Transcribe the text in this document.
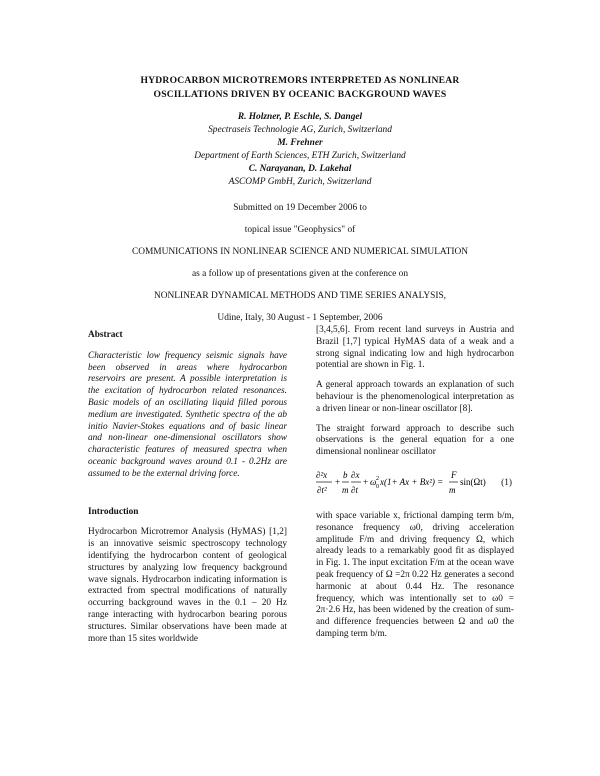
HYDROCARBON MICROTREMORS INTERPRETED AS NONLINEAR
OSCILLATIONS DRIVEN BY OCEANIC BACKGROUND WAVES
R. Holzner, P. Eschle, S. Dangel
Spectraseis Technologie AG, Zurich, Switzerland
M. Frehner
Department of Earth Sciences, ETH Zurich, Switzerland
C. Narayanan, D. Lakehal
ASCOMP GmbH, Zurich, Switzerland
Submitted on 19 December 2006 to
topical issue "Geophysics" of
COMMUNICATIONS IN NONLINEAR SCIENCE AND NUMERICAL SIMULATION
as a follow up of presentations given at the conference on
NONLINEAR DYNAMICAL METHODS AND TIME SERIES ANALYSIS,
Udine, Italy, 30 August - 1 September, 2006
Abstract
Characteristic low frequency seismic signals have been observed in areas where hydrocarbon reservoirs are present. A possible interpretation is the excitation of hydrocarbon related resonances. Basic models of an oscillating liquid filled porous medium are investigated. Synthetic spectra of the ab initio Navier-Stokes equations and of basic linear and non-linear one-dimensional oscillators show characteristic features of measured spectra when oceanic background waves around 0.1 - 0.2Hz are assumed to be the external driving force.
Introduction
Hydrocarbon Microtremor Analysis (HyMAS) [1,2] is an innovative seismic spectroscopy technology identifying the hydrocarbon content of geological structures by analyzing low frequency background wave signals. Hydrocarbon indicating information is extracted from spectral modifications of naturally occurring background waves in the 0.1 – 20 Hz range interacting with hydrocarbon bearing porous structures. Similar observations have been made at more than 15 sites worldwide
[3,4,5,6]. From recent land surveys in Austria and Brazil [1,7] typical HyMAS data of a weak and a strong signal indicating low and high hydrocarbon potential are shown in Fig. 1.
A general approach towards an explanation of such behaviour is the phenomenological interpretation as a driven linear or non-linear oscillator [8].
The straight forward approach to describe such observations is the general equation for a one dimensional nonlinear oscillator
∂²x
∂t²
+
b
m
∂x
∂t
+ ω 2
0 x(1+ Ax + Bx²) =
F
m
sin(Ωt) (1)
with space variable x, frictional damping term b/m, resonance frequency ω0, driving acceleration amplitude F/m and driving frequency Ω, which already leads to a remarkably good fit as displayed in Fig. 1. The input excitation F/m at the ocean wave peak frequency of Ω =2π 0.22 Hz generates a second harmonic at about 0.44 Hz. The resonance frequency, which was intentionally set to ω0 = 2π·2.6 Hz, has been widened by the creation of sum- and difference frequencies between Ω and ω0 the damping term b/m.
